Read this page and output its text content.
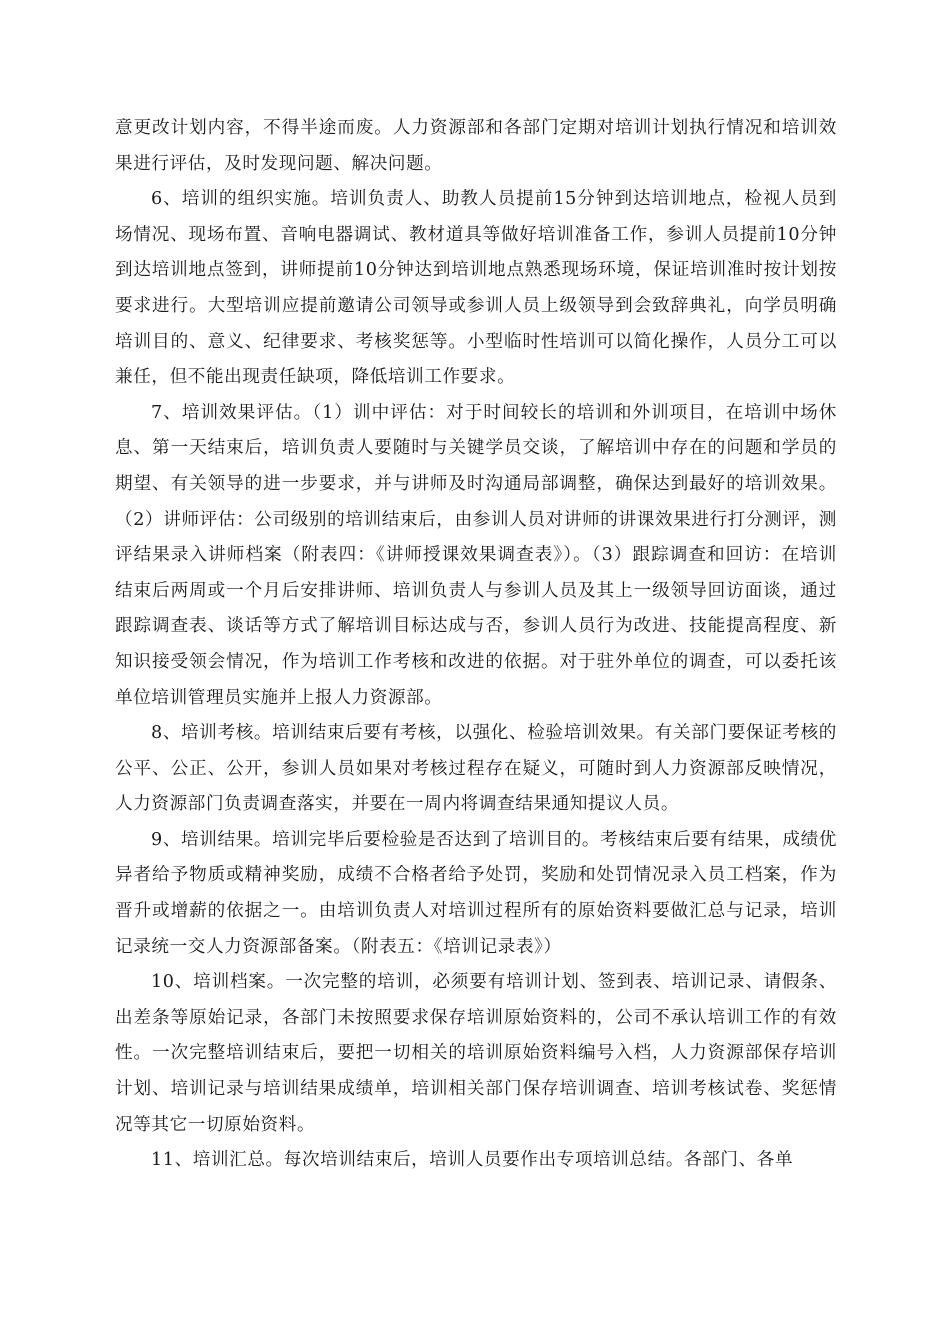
意更改计划内容，不得半途而废。人力资源部和各部门定期对培训计划执行情况和培训效果进行评估，及时发现问题、解决问题。

6、培训的组织实施。培训负责人、助教人员提前15分钟到达培训地点，检视人员到场情况、现场布置、音响电器调试、教材道具等做好培训准备工作，参训人员提前10分钟到达培训地点签到，讲师提前10分钟达到培训地点熟悉现场环境，保证培训准时按计划按要求进行。大型培训应提前邀请公司领导或参训人员上级领导到会致辞典礼，向学员明确培训目的、意义、纪律要求、考核奖惩等。小型临时性培训可以简化操作，人员分工可以兼任，但不能出现责任缺项，降低培训工作要求。

7、培训效果评估。（1）训中评估：对于时间较长的培训和外训项目，在培训中场休息、第一天结束后，培训负责人要随时与关键学员交谈，了解培训中存在的问题和学员的期望、有关领导的进一步要求，并与讲师及时沟通局部调整，确保达到最好的培训效果。（2）讲师评估：公司级别的培训结束后，由参训人员对讲师的讲课效果进行打分测评，测评结果录入讲师档案（附表四：《讲师授课效果调查表》）。（3）跟踪调查和回访：在培训结束后两周或一个月后安排讲师、培训负责人与参训人员及其上一级领导回访面谈，通过跟踪调查表、谈话等方式了解培训目标达成与否，参训人员行为改进、技能提高程度、新知识接受领会情况，作为培训工作考核和改进的依据。对于驻外单位的调查，可以委托该单位培训管理员实施并上报人力资源部。

8、培训考核。培训结束后要有考核，以强化、检验培训效果。有关部门要保证考核的公平、公正、公开，参训人员如果对考核过程存在疑义，可随时到人力资源部反映情况，人力资源部门负责调查落实，并要在一周内将调查结果通知提议人员。

9、培训结果。培训完毕后要检验是否达到了培训目的。考核结束后要有结果，成绩优异者给予物质或精神奖励，成绩不合格者给予处罚，奖励和处罚情况录入员工档案，作为晋升或增薪的依据之一。由培训负责人对培训过程所有的原始资料要做汇总与记录，培训记录统一交人力资源部备案。（附表五：《培训记录表》）

10、培训档案。一次完整的培训，必须要有培训计划、签到表、培训记录、请假条、出差条等原始记录，各部门未按照要求保存培训原始资料的，公司不承认培训工作的有效性。一次完整培训结束后，要把一切相关的培训原始资料编号入档，人力资源部保存培训计划、培训记录与培训结果成绩单，培训相关部门保存培训调查、培训考核试卷、奖惩情况等其它一切原始资料。

11、培训汇总。每次培训结束后，培训人员要作出专项培训总结。各部门、各单
